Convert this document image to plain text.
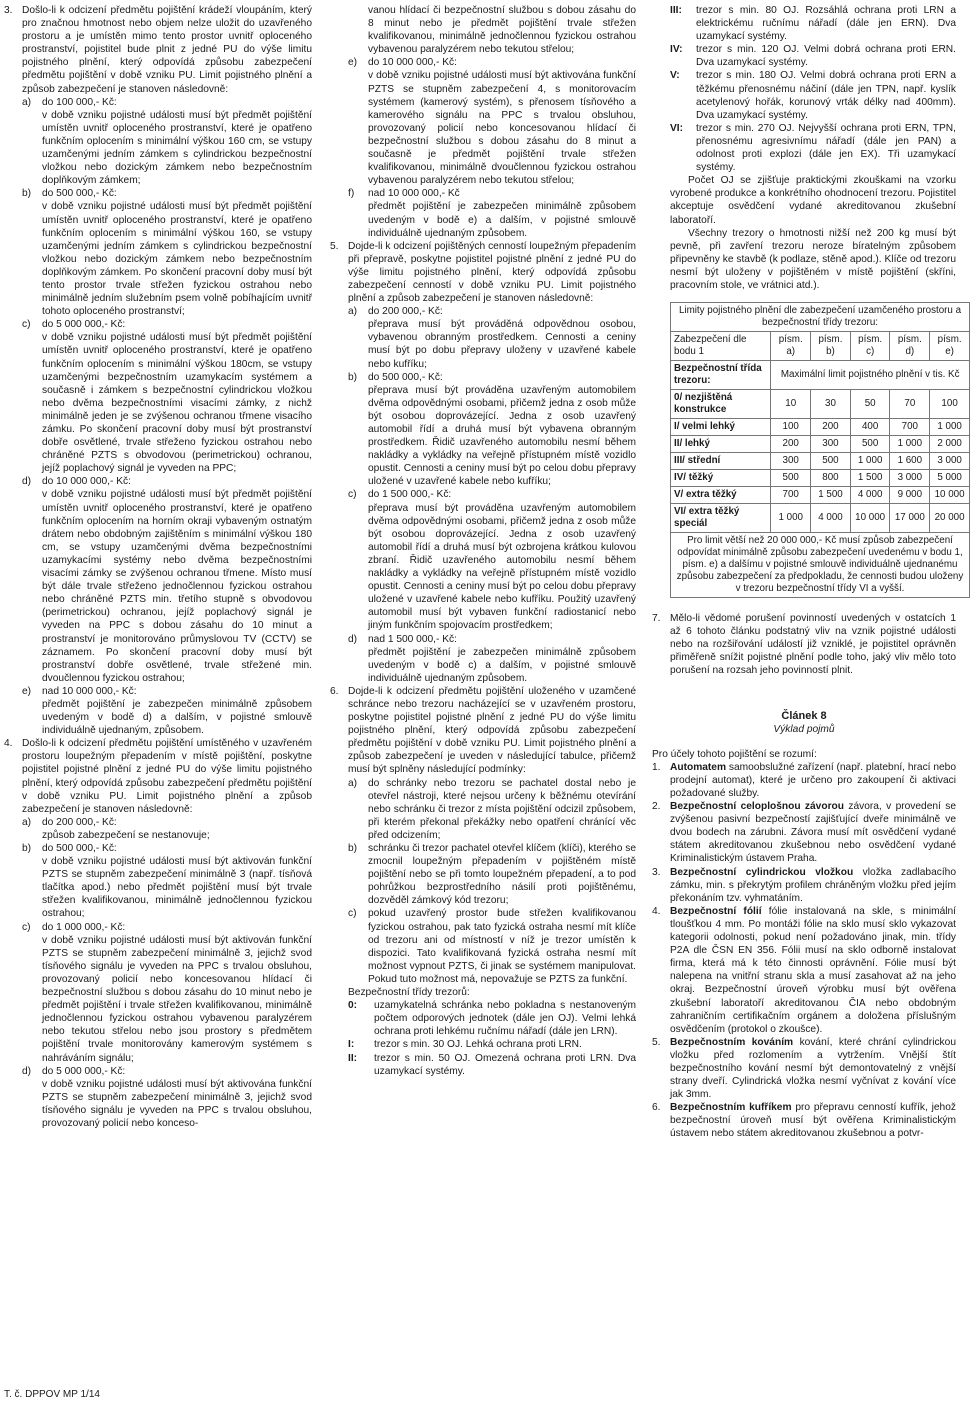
3. Došlo-li k odcizení předmětu pojištění krádeží vloupáním, který pro značnou hmotnost nebo objem nelze uložit do uzavřeného prostoru a je umístěn mimo tento prostor uvnitř oploceného prostranství, pojistitel bude plnit z jedné PU do výše limitu pojistného plnění, který odpovídá způsobu zabezpečení předmětu pojištění v době vzniku PU. Limit pojistného plnění a způsob zabezpečení je stanoven následovně:

a)	do 100 000,- Kč:
v době vzniku pojistné události musí být předmět pojištění umístěn uvnitř oploceného prostranství, které je opatřeno funkčním oplocením s minimální výškou 160 cm, se vstupy uzamčenými jedním zámkem s cylindrickou bezpečnostní vložkou nebo dozickým zámkem nebo bezpečnostním doplňkovým zámkem;
b)	do 500 000,- Kč:
v době vzniku pojistné události musí být předmět pojištění umístěn uvnitř oploceného prostranství, které je opatřeno funkčním oplocením s minimální výškou 160, se vstupy uzamčenými jedním zámkem s cylindrickou bezpečnostní vložkou nebo dozickým zámkem nebo bezpečnostním doplňkovým zámkem. Po skončení pracovní doby musí být tento prostor trvale střežen fyzickou ostrahou nebo minimálně jedním služebním psem volně pobíhajícím uvnitř tohoto oploceného prostranství;
c)	do 5 000 000,- Kč:
v době vzniku pojistné události musí být předmět pojištění umístěn uvnitř oploceného prostranství, které je opatřeno funkčním oplocením s minimální výškou 180cm, se vstupy uzamčenými bezpečnostním uzamykacím systémem a současně i zámkem s bezpečnostní cylindrickou vložkou nebo dvěma bezpečnostními visacími zámky, z nichž minimálně jeden je se zvýšenou ochranou třmene visacího zámku. Po skončení pracovní doby musí být prostranství dobře osvětlené, trvale střeženo fyzickou ostrahou nebo chráněné PZTS s obvodovou (perimetrickou) ochranou, jejíž poplachový signál je vyveden na PPC;
d)	do 10 000 000,- Kč:
v době vzniku pojistné události musí být předmět pojištění umístěn uvnitř oploceného prostranství, které je opatřeno funkčním oplocením na horním okraji vybaveným ostnatým drátem nebo obdobným zajištěním s minimální výškou 180 cm, se vstupy uzamčenými dvěma bezpečnostními uzamykacími systémy nebo dvěma bezpečnostními visacími zámky se zvýšenou ochranou třmene. Místo musí být dále trvale střeženo jednočlennou fyzickou ostrahou nebo chráněné PZTS min. třetího stupně s obvodovou (perimetrickou) ochranou, jejíž poplachový signál je vyveden na PPC s dobou zásahu do 10 minut a prostranství je monitorováno průmyslovou TV (CCTV) se záznamem. Po skončení pracovní doby musí být prostranství dobře osvětlené, trvale střežené min. dvoučlennou fyzickou ostrahou;
e)	nad 10 000 000,- Kč:
předmět pojištění je zabezpečen minimálně způsobem uvedeným v bodě d) a dalším, v pojistné smlouvě individuálně ujednaným, způsobem.
4. Došlo-li k odcizení předmětu pojištění umístěného v uzavřeném prostoru loupežným přepadením v místě pojištění, poskytne pojistitel pojistné plnění z jedné PU do výše limitu pojistného plnění, který odpovídá způsobu zabezpečení předmětu pojištění v době vzniku PU. Limit pojistného plnění a způsob zabezpečení je stanoven následovně:

a)	do 200 000,- Kč:
způsob zabezpečení se nestanovuje;
b)	do 500 000,- Kč:
v době vzniku pojistné události musí být aktivován funkční PZTS se stupněm zabezpečení minimálně 3 (např. tísňová tlačítka apod.) nebo předmět pojištění musí být trvale střežen kvalifikovanou, minimálně jednočlennou fyzickou ostrahou;
c)	do 1 000 000,- Kč:
v době vzniku pojistné události musí být aktivován funkční PZTS se stupněm zabezpečení minimálně 3, jejichž svod tísňového signálu je vyveden na PPC s trvalou obsluhou, provozovaný policií nebo koncesovanou hlídací či bezpečnostní službou s dobou zásahu do 10 minut nebo je předmět pojištění i trvale střežen kvalifikovanou, minimálně jednočlennou fyzickou ostrahou vybavenou paralyzérem nebo tekutou střelou nebo jsou prostory s předmětem pojištění trvale monitorovány kamerovým systémem s nahráváním signálu;
d)	do 5 000 000,- Kč:
v době vzniku pojistné události musí být aktivována funkční PZTS se stupněm zabezpečení minimálně 3, jejichž svod tísňového signálu je vyveden na PPC s trvalou obsluhou, provozovaný policií nebo konceso-

vanou hlídací či bezpečnostní službou s dobou zásahu do 8 minut nebo je předmět pojištění trvale střežen kvalifikovanou, minimálně jednočlennou fyzickou ostrahou vybavenou paralyzérem nebo tekutou střelou;

e)	do 10 000 000,- Kč:
v době vzniku pojistné události musí být aktivována funkční PZTS se stupněm zabezpečení 4, s monitorovacím systémem (kamerový systém), s přenosem tísňového a kamerového signálu na PPC s trvalou obsluhou, provozovaný policií nebo koncesovanou hlídací či bezpečnostní službou s dobou zásahu do 8 minut a současně je předmět pojištění trvale střežen kvalifikovanou, minimálně dvoučlennou fyzickou ostrahou vybavenou paralyzérem nebo tekutou střelou;
f)	nad 10 000 000,- Kč
předmět pojištění je zabezpečen minimálně způsobem uvedeným v bodě e) a dalším, v pojistné smlouvě individuálně ujednaným způsobem.
5. Dojde-li k odcizení pojištěných cenností loupežným přepadením při přepravě, poskytne pojistitel pojistné plnění z jedné PU do výše limitu pojistného plnění, který odpovídá způsobu zabezpečení cenností v době vzniku PU. Limit pojistného plnění a způsob zabezpečení je stanoven následovně:

a)	do 200 000,- Kč:
přeprava musí být prováděná odpovědnou osobou, vybavenou obranným prostředkem. Cennosti a ceniny musí být po dobu přepravy uloženy v uzavřené kabele nebo kufříku;
b)	do 500 000,- Kč:
přeprava musí být prováděna uzavřeným automobilem dvěma odpovědnými osobami, přičemž jedna z osob může být osobou doprovázející. Jedna z osob uzavřený automobil řídí a druhá musí být vybavena obranným prostředkem. Řidič uzavřeného automobilu nesmí během nakládky a vykládky na veřejně přístupném místě vozidlo opustit. Cennosti a ceniny musí být po celou dobu přepravy uložené v uzavřené kabele nebo kufříku;
c)	do 1 500 000,- Kč:
přeprava musí být prováděna uzavřeným automobilem dvěma odpovědnými osobami, přičemž jedna z osob může být osobou doprovázející. Jedna z osob uzavřený automobil řídí a druhá musí být ozbrojena krátkou kulovou zbraní. Řidič uzavřeného automobilu nesmí během nakládky a vykládky na veřejně přístupném místě vozidlo opustit. Cennosti a ceniny musí být po celou dobu přepravy uložené v uzavřené kabele nebo kufříku. Použitý uzavřený automobil musí být vybaven funkční radiostanicí nebo jiným funkčním spojovacím prostředkem;
d)	nad 1 500 000,- Kč:
předmět pojištění je zabezpečen minimálně způsobem uvedeným v bodě c) a dalším, v pojistné smlouvě individuálně ujednaným způsobem.
6. Dojde-li k odcizení předmětu pojištění uloženého v uzamčené schránce nebo trezoru nacházející se v uzavřeném prostoru, poskytne pojistitel pojistné plnění z jedné PU do výše limitu pojistného plnění, který odpovídá způsobu zabezpečení předmětu pojištění v době vzniku PU. Limit pojistného plnění a způsob zabezpečení je uveden v následující tabulce, přičemž musí být splněny následující podmínky:

a)	do schránky nebo trezoru se pachatel dostal nebo je otevřel nástroji, které nejsou určeny k běžnému otevírání nebo schránku či trezor z místa pojištění odcizil způsobem, při kterém překonal překážky nebo opatření chránící věc před odcizením;
b)	schránku či trezor pachatel otevřel klíčem (klíči), kterého se zmocnil loupežným přepadením v pojištěném místě pojištění nebo se při tomto loupežném přepadení, a to pod pohrůžkou bezprostředního násilí proti pojištěnému, dozvěděl zámkový kód trezoru;
c)	pokud uzavřený prostor bude střežen kvalifikovanou fyzickou ostrahou, pak tato fyzická ostraha nesmí mít klíče od trezoru ani od místností v níž je trezor umístěn k dispozici. Tato kvalifikovaná fyzická ostraha nesmí mít možnost vypnout PZTS, či jinak se systémem manipulovat. Pokud tuto možnost má, nepovažuje se PZTS za funkční.

Bezpečnostní třídy trezorů:

0:	uzamykatelná schránka nebo pokladna s nestanoveným počtem odporových jednotek (dále jen OJ). Velmi lehká ochrana proti lehkému ručnímu nářadí (dále jen LRN).
I:	trezor s min. 30 OJ. Lehká ochrana proti LRN.
II:	trezor s min. 50 OJ. Omezená ochrana proti LRN. Dva uzamykací systémy.
III:	trezor s min. 80 OJ. Rozsáhlá ochrana proti LRN a elektrickému ručnímu nářadí (dále jen ERN). Dva uzamykací systémy.
IV:	trezor s min. 120 OJ. Velmi dobrá ochrana proti ERN. Dva uzamykací systémy.
V:	trezor s min. 180 OJ. Velmi dobrá ochrana proti ERN a těžkému přenosnému náčiní (dále jen TPN, např. kyslík acetylenový hořák, korunový vrták délky nad 400mm). Dva uzamykací systémy.
VI:	trezor s min. 270 OJ. Nejvyšší ochrana proti ERN, TPN, přenosnému agresivnímu nářadí (dále jen PAN) a odolnost proti explozi (dále jen EX). Tři uzamykací systémy.

Počet OJ se zjišťuje praktickými zkouškami na vzorku vyrobené produkce a konkrétního ohodnocení trezoru. Pojistitel akceptuje osvědčení vydané akreditovanou zkušební laboratoří.

Všechny trezory o hmotnosti nižší než 200 kg musí být pevně, při zavření trezoru neroze bíratelným způsobem připevněny ke stavbě (k podlaze, stěně apod.). Klíče od trezoru nesmí být uloženy v pojištěném v místě pojištění (skříni, pracovním stole, ve vrátnici atd.).

Limity pojistného plnění dle zabezpečení uzamčeného prostoru a bezpečnostní třídy trezoru:					
Zabezpečení dle bodu 1	písm. a)	písm. b)	písm. c)	písm. d)	písm. e)
Bezpečnostní třída trezoru:	Maximální limit pojistného plnění v tis. Kč				
0/ nezjištěná konstrukce	10	30	50	70	100
I/ velmi lehký	100	200	400	700	1 000
II/ lehký	200	300	500	1 000	2 000
III/ střední	300	500	1 000	1 600	3 000
IV/ těžký	500	800	1 500	3 000	5 000
V/ extra těžký	700	1 500	4 000	9 000	10 000
VI/ extra těžký speciál	1 000	4 000	10 000	17 000	20 000
Pro limit větší než 20 000 000,- Kč musí způsob zabezpečení odpovídat minimálně způsobu zabezpečení uvedenému v bodu 1, písm. e) a dalšímu v pojistné smlouvě individuálně ujednanému způsobu zabezpečení za předpokladu, že cennosti budou uloženy v trezoru bezpečnostní třídy VI a vyšší.					
7. Mělo-li vědomé porušení povinností uvedených v ostatcích 1 až 6 tohoto článku podstatný vliv na vznik pojistné události nebo na rozšiřování událostí již vzniklé, je pojistitel oprávněn přiměřeně snížit pojistné plnění podle toho, jaký vliv mělo toto porušení na rozsah jeho povinností plnit.

Článek 8
Výklad pojmů

Pro účely tohoto pojištění se rozumí:

1. Automatem samoobslužné zařízení (např. platební, hrací nebo prodejní automat), které je určeno pro zakoupení či aktivaci požadované služby.

2. Bezpečnostní celoplošnou závorou závora, v provedení se zvýšenou pasivní bezpečností zajišťující dveře minimálně ve dvou bodech na zárubni. Závora musí mít osvědčení vydané státem akreditovanou zkušebnou nebo osvědčení vydané Kriminalistickým ústavem Praha.

3. Bezpečnostní cylindrickou vložkou vložka zadlabacího zámku, min. s překrytým profilem chráněným vložku před jejím překonáním tzv. vyhmatáním.

4. Bezpečnostní fólií fólie instalovaná na skle, s minimální tloušťkou 4 mm. Po montáži fólie na sklo musí sklo vykazovat kategorii odolnosti, pokud není požadováno jinak, min. třídy P2A dle ČSN EN 356. Fólii musí na sklo odborně instalovat firma, která má k této činnosti oprávnění. Fólie musí být nalepena na vnitřní stranu skla a musí zasahovat až na jeho okraj. Bezpečnostní úroveň výrobku musí být ověřena zkušební laboratoří akreditovanou ČIA nebo obdobným zahraničním certifikačním orgánem a doložena příslušným osvědčením (protokol o zkoušce).

5. Bezpečnostním kováním kování, které chrání cylindrickou vložku před rozlomením a vytržením. Vnější štít bezpečnostního kování nesmí být demontovatelný z vnější strany dveří. Cylindrická vložka nesmí vyčnívat z kování více jak 3mm.

6. Bezpečnostním kufříkem pro přepravu cenností kufřík, jehož bezpečnostní úroveň musí být ověřena Kriminalistickým ústavem nebo státem akreditovanou zkušebnou a potvr-

T. č. DPPOV MP 1/14
